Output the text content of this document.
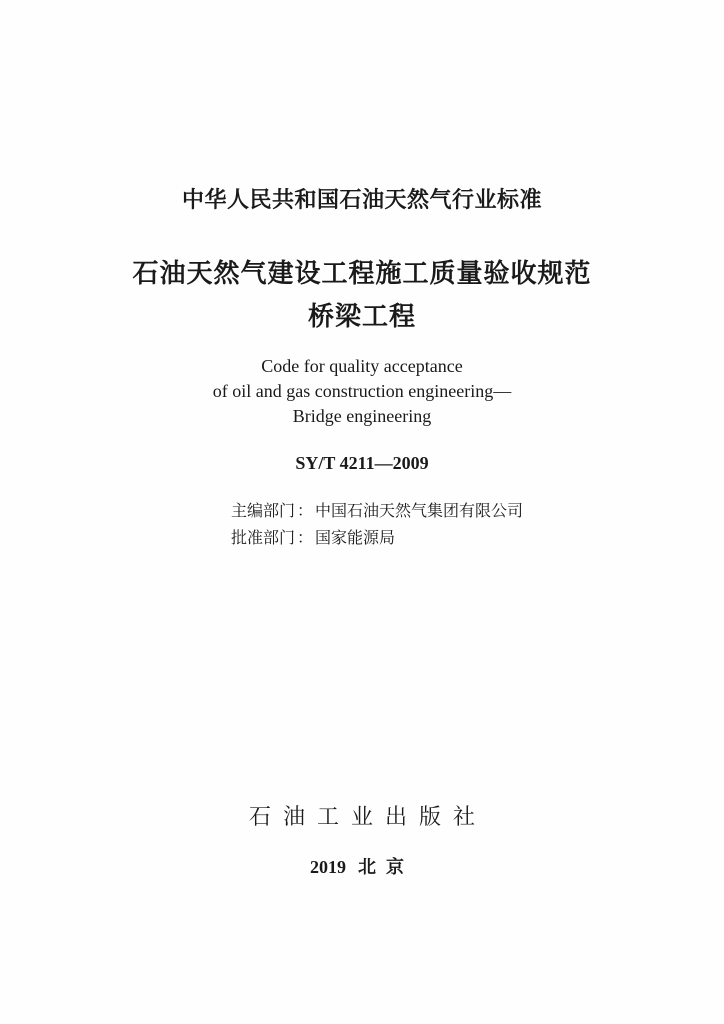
中华人民共和国石油天然气行业标准
石油天然气建设工程施工质量验收规范
桥梁工程
Code for quality acceptance
of oil and gas construction engineering—
Bridge engineering
SY/T 4211—2009
主编部门 ： 中国石油天然气集团有限公司
批准部门 ： 国家能源局
石油工业出版社
2019 北京
